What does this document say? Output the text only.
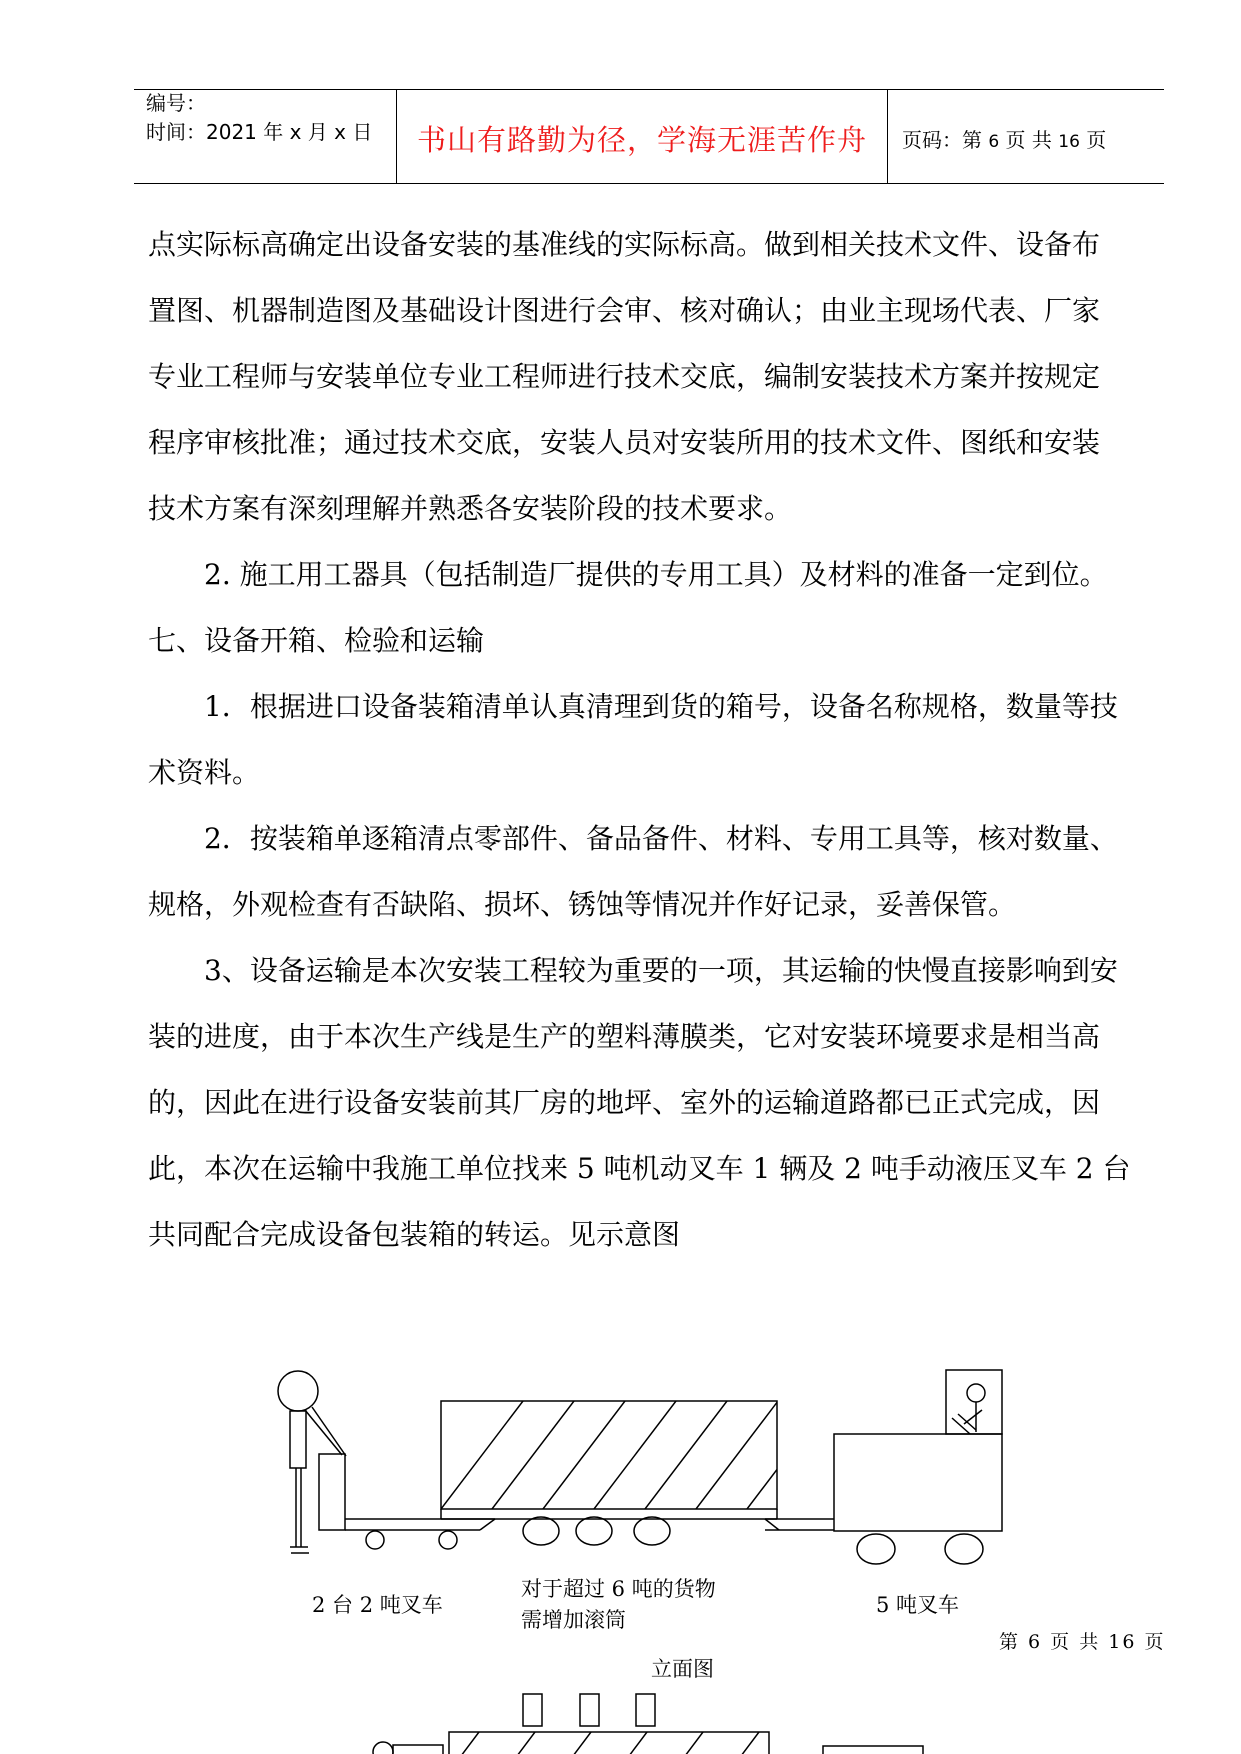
编号：
时间：2021 年 x 月 x 日	书山有路勤为径，学海无涯苦作舟	页码：第 6 页 共 16 页

点实际标高确定出设备安装的基准线的实际标高。做到相关技术文件、设备布

置图、机器制造图及基础设计图进行会审、核对确认；由业主现场代表、厂家

专业工程师与安装单位专业工程师进行技术交底，编制安装技术方案并按规定

程序审核批准；通过技术交底，安装人员对安装所用的技术文件、图纸和安装

技术方案有深刻理解并熟悉各安装阶段的技术要求。

2. 施工用工器具（包括制造厂提供的专用工具）及材料的准备一定到位。

七、设备开箱、检验和运输

1．根据进口设备装箱清单认真清理到货的箱号，设备名称规格，数量等技

术资料。

2．按装箱单逐箱清点零部件、备品备件、材料、专用工具等，核对数量、

规格，外观检查有否缺陷、损坏、锈蚀等情况并作好记录，妥善保管。

3、设备运输是本次安装工程较为重要的一项，其运输的快慢直接影响到安

装的进度，由于本次生产线是生产的塑料薄膜类，它对安装环境要求是相当高

的，因此在进行设备安装前其厂房的地坪、室外的运输道路都已正式完成，因

此，本次在运输中我施工单位找来 5 吨机动叉车 1 辆及 2 吨手动液压叉车 2 台

共同配合完成设备包装箱的转运。见示意图

2 台 2 吨叉车
对于超过 6 吨的货物
需增加滚筒
5 吨叉车
立面图
第 6 页 共 16 页
